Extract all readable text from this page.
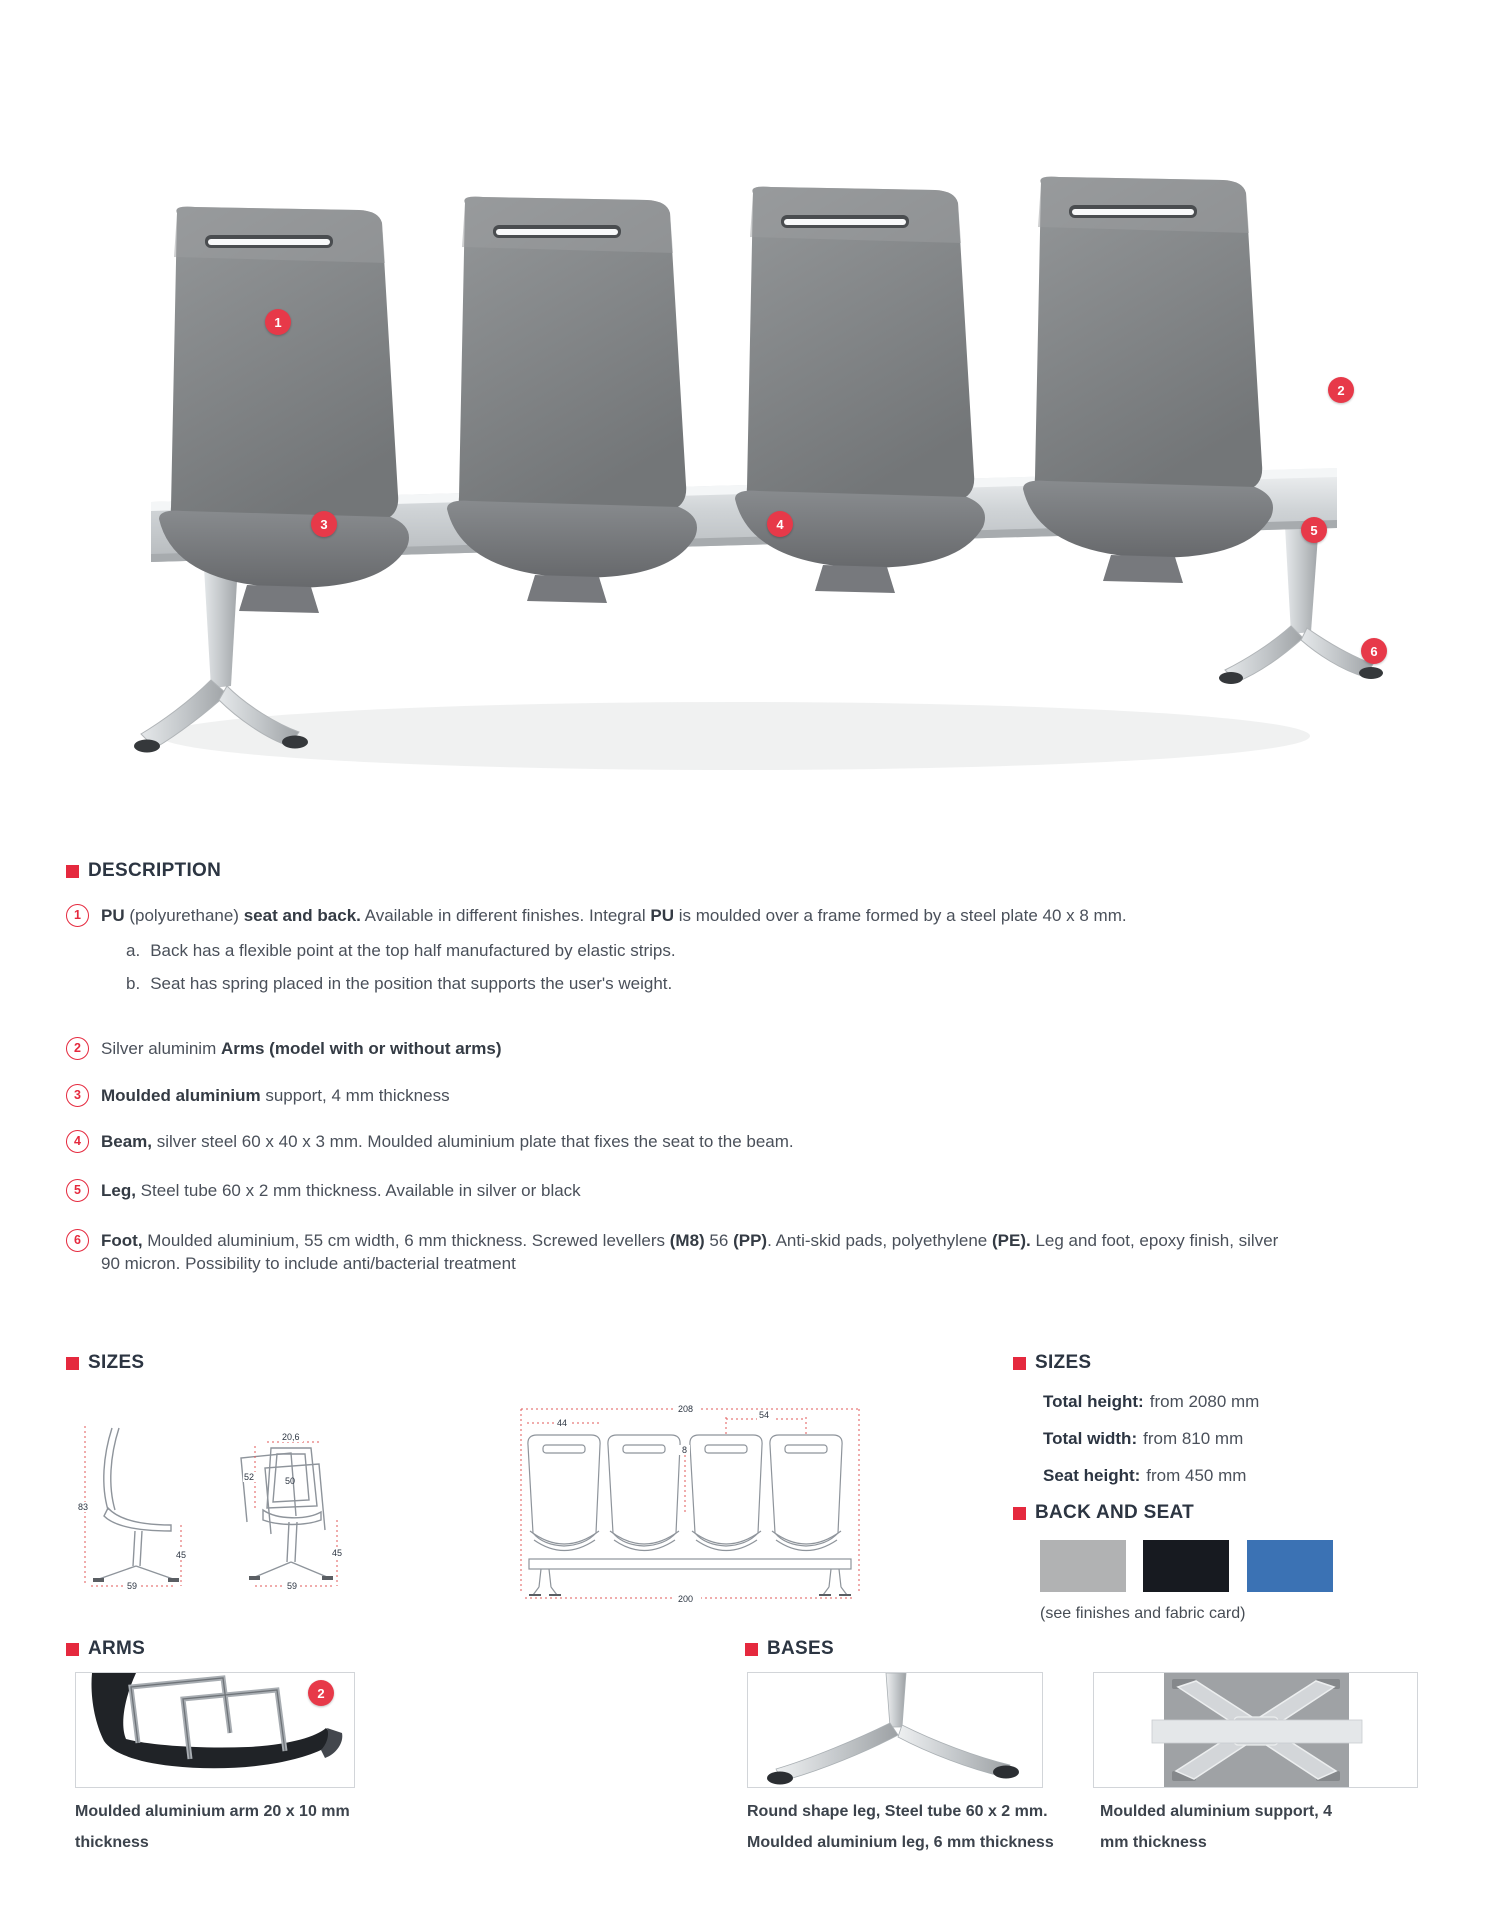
1
2
3	4	5
6
DESCRIPTION
1	PU (polyurethane) seat and back. Available in different finishes. Integral PU is moulded over a frame formed by a steel plate 40 x 8 mm.

a. Back has a flexible point at the top half manufactured by elastic strips.
b. Seat has spring placed in the position that supports the user's weight.
2	Silver aluminim Arms (model with or without arms)

3	Moulded aluminium support, 4 mm thickness

4	Beam, silver steel 60 x 40 x 3 mm. Moulded aluminium plate that fixes the seat to the beam.

5	Leg, Steel tube 60 x 2 mm thickness. Available in silver or black

6	Foot, Moulded aluminium, 55 cm width, 6 mm thickness. Screwed levellers (M8) 56 (PP). Anti-skid pads, polyethylene (PE). Leg and foot, epoxy finish, silver 90 micron. Possibility to include anti/bacterial treatment

SIZES
83
45
59
20,6
52	50
45
59
208
44
54
8
200
SIZES
Total height: from 2080 mm
Total width: from 810 mm
Seat height: from 450 mm
BACK AND SEAT

(see finishes and fabric card)
ARMS
2
Moulded aluminium arm 20 x 10 mm thickness
BASES
Round shape leg, Steel tube 60 x 2 mm. Moulded aluminium leg, 6 mm thickness
Moulded aluminium support, 4 mm thickness
